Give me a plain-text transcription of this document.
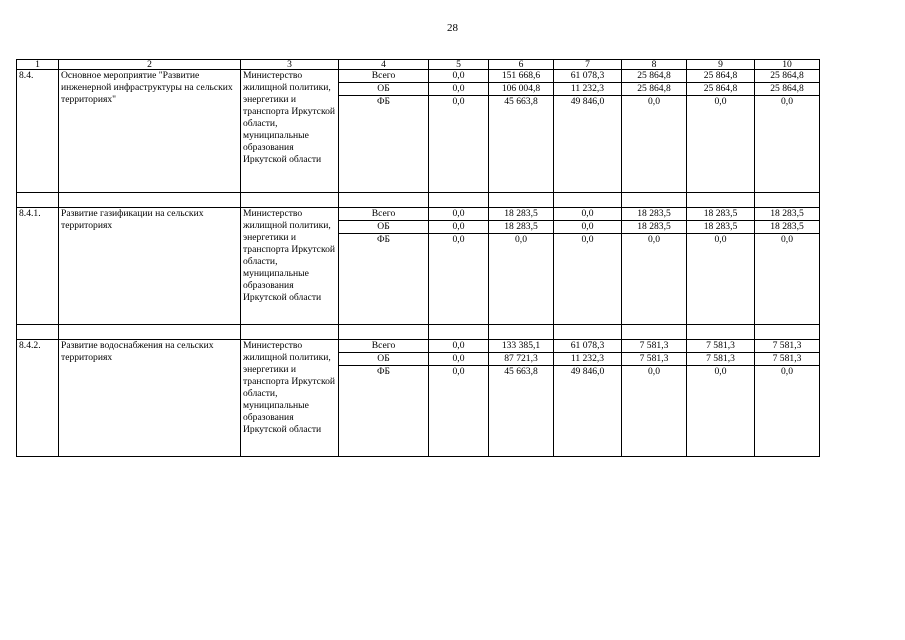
28
1	2	3	4	5	6	7	8	9	10
8.4.	Основное мероприятие "Развитие инженерной инфраструктуры на сельских территориях"	Министерство жилищной политики, энергетики и транспорта Иркутской области, муниципальные образования Иркутской области	Всего	0,0	151 668,6	61 078,3	25 864,8	25 864,8	25 864,8
			ОБ	0,0	106 004,8	11 232,3	25 864,8	25 864,8	25 864,8
			ФБ	0,0	45 663,8	49 846,0	0,0	0,0	0,0

8.4.1.	Развитие газификации на сельских территориях	Министерство жилищной политики, энергетики и транспорта Иркутской области, муниципальные образования Иркутской области	Всего	0,0	18 283,5	0,0	18 283,5	18 283,5	18 283,5
			ОБ	0,0	18 283,5	0,0	18 283,5	18 283,5	18 283,5
			ФБ	0,0	0,0	0,0	0,0	0,0	0,0

8.4.2.	Развитие водоснабжения на сельских территориях	Министерство жилищной политики, энергетики и транспорта Иркутской области, муниципальные образования Иркутской области	Всего	0,0	133 385,1	61 078,3	7 581,3	7 581,3	7 581,3
			ОБ	0,0	87 721,3	11 232,3	7 581,3	7 581,3	7 581,3
			ФБ	0,0	45 663,8	49 846,0	0,0	0,0	0,0
